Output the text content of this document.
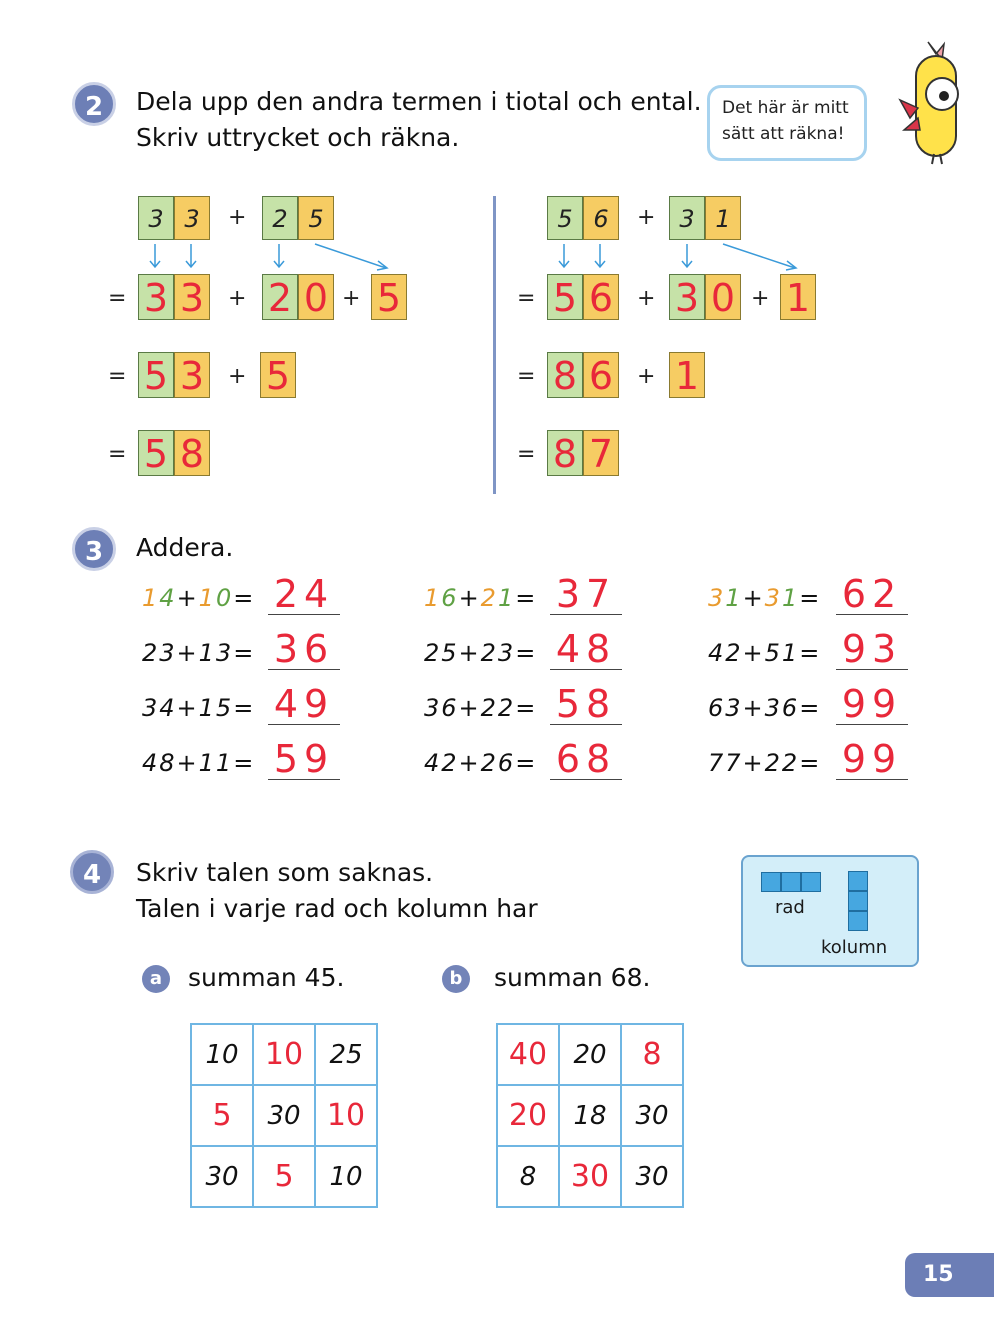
2	Dela upp den andra termen i tiotal och ental.
Skriv uttrycket och räkna.
Det här är mitt
sätt att räkna!
3 3	+	2 5
= 3 3 + 2 0 + 5
= 5 3 + 5
= 5 8
5 6	+ 3 1
= 5 6 + 3 0 + 1
= 8 6 + 1
= 8 7
3	Addera.
14+10= 24	16+21= 37	31+31= 62
23+13= 36	25+23= 48	42+51= 93
34+15= 49	36+22= 58	63+36= 99
48+11= 59	42+26= 68	77+22= 99
4	Skriv talen som saknas.
Talen i varje rad och kolumn har	rad
kolumn
a	summan 45.	b	summan 68.
10	10	25
5	30	10
30	5	10
40	20	8
20	18	30
8	30	30
15
